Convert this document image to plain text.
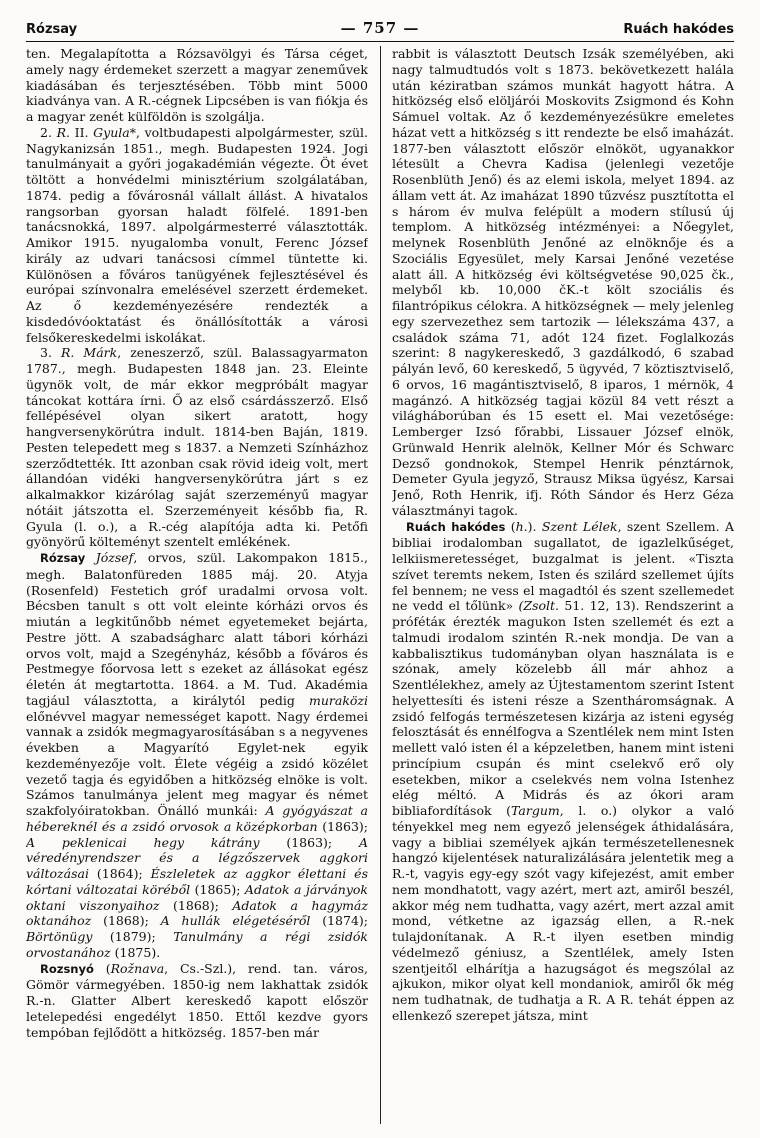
Rózsay	— 757 —	Ruách hakódes

ten. Megalapította a Rózsavölgyi és Társa céget, amely nagy érdemeket szerzett a magyar zeneművek kiadásában és terjesztésében. Több mint 5000 kiadványa van. A R.-cégnek Lipcsében is van fiókja és a magyar zenét külföldön is szolgálja.

2. R. II. Gyula*, voltbudapesti alpolgármester, szül. Nagykanizsán 1851., megh. Budapesten 1924. Jogi tanulmányait a győri jogakadémián végezte. Öt évet töltött a honvédelmi minisztérium szolgálatában, 1874. pedig a fővárosnál vállalt állást. A hivatalos rangsorban gyorsan haladt fölfelé. 1891-ben tanácsnokká, 1897. alpolgármesterré választották. Amikor 1915. nyugalomba vonult, Ferenc József király az udvari tanácsosi címmel tüntette ki. Különösen a főváros tanügyének fejlesztésével és európai színvonalra emelésével szerzett érdemeket. Az ő kezdeményezésére rendezték a kisdedóvóoktatást és önállósították a városi felsőkereskedelmi iskolákat.

3. R. Márk, zeneszerző, szül. Balassagyarmaton 1787., megh. Budapesten 1848 jan. 23. Eleinte ügynök volt, de már ekkor megpróbált magyar táncokat kottára írni. Ő az első csárdásszerző. Első fellépésével olyan sikert aratott, hogy hangversenykörútra indult. 1814-ben Baján, 1819. Pesten telepedett meg s 1837. a Nemzeti Színházhoz szerződtették. Itt azonban csak rövid ideig volt, mert állandóan vidéki hangversenykörútra járt s ez alkalmakkor kizárólag saját szerzeményű magyar nótáit játszotta el. Szerzeményeit később fia, R. Gyula (l. o.), a R.-cég alapítója adta ki. Petőfi gyönyörű költeményt szentelt emlékének.

Rózsay József, orvos, szül. Lakompakon 1815., megh. Balatonfüreden 1885 máj. 20. Atyja (Rosenfeld) Festetich gróf uradalmi orvosa volt. Bécsben tanult s ott volt eleinte kórházi orvos és miután a legkitűnőbb német egyetemeket bejárta, Pestre jött. A szabadságharc alatt tábori kórházi orvos volt, majd a Szegényház, később a főváros és Pestmegye főorvosa lett s ezeket az állásokat egész életén át megtartotta. 1864. a M. Tud. Akadémia tagjául választotta, a királytól pedig muraközi előnévvel magyar nemességet kapott. Nagy érdemei vannak a zsidók megmagyarosításában s a negyvenes években a Magyarító Egylet-nek egyik kezdeményezője volt. Élete végéig a zsidó közélet vezető tagja és egyidőben a hitközség elnöke is volt. Számos tanulmánya jelent meg magyar és német szakfolyóiratokban. Önálló munkái: A gyógyászat a hébereknél és a zsidó orvosok a középkorban (1863); A peklenicai hegy kátrány (1863); A véredényrendszer és a légzőszervek aggkori változásai (1864); Észleletek az aggkor élettani és kórtani változatai köréből (1865); Adatok a járványok oktani viszonyaihoz (1868); Adatok a hagymáz oktanához (1868); A hullák elégetéséről (1874); Börtönügy (1879); Tanulmány a régi zsidók orvostanához (1875).

Rozsnyó (Rožnava, Cs.-Szl.), rend. tan. város, Gömör vármegyében. 1850-ig nem lakhattak zsidók R.-n. Glatter Albert kereskedő kapott először letelepedési engedélyt 1850. Ettől kezdve gyors tempóban fejlődött a hitközség. 1857-ben már

rabbit is választott Deutsch Izsák személyében, aki nagy talmudtudós volt s 1873. bekövetkezett halála után kéziratban számos munkát hagyott hátra. A hitközség első elöljárói Moskovits Zsigmond és Kohn Sámuel voltak. Az ő kezdeményezésükre emeletes házat vett a hitközség s itt rendezte be első imaházát. 1877-ben választott először elnököt, ugyanakkor létesült a Chevra Kadisa (jelenlegi vezetője Rosenblüth Jenő) és az elemi iskola, melyet 1894. az állam vett át. Az imaházat 1890 tűzvész pusztította el s három év mulva felépült a modern stílusú új templom. A hitközség intézményei: a Nőegylet, melynek Rosenblüth Jenőné az elnöknője és a Szociális Egyesület, mely Karsai Jenőné vezetése alatt áll. A hitközség évi költségvetése 90,025 čk., melyből kb. 10,000 čK.-t költ szociális és filantrópikus célokra. A hitközségnek — mely jelenleg egy szervezethez sem tartozik — lélekszáma 437, a családok száma 71, adót 124 fizet. Foglalkozás szerint: 8 nagykereskedő, 3 gazdálkodó, 6 szabad pályán levő, 60 kereskedő, 5 ügyvéd, 7 köztisztviselő, 6 orvos, 16 magántisztviselő, 8 iparos, 1 mérnök, 4 magánzó. A hitközség tagjai közül 84 vett részt a világháborúban és 15 esett el. Mai vezetősége: Lemberger Izsó főrabbi, Lissauer József elnök, Grünwald Henrik alelnök, Kellner Mór és Schwarc Dezső gondnokok, Stempel Henrik pénztárnok, Demeter Gyula jegyző, Strausz Miksa ügyész, Karsai Jenő, Roth Henrik, ifj. Róth Sándor és Herz Géza választmányi tagok.

Ruách hakódes (h.). Szent Lélek, szent Szellem. A bibliai irodalomban sugallatot, de igazlelkűséget, lelkiismeretességet, buzgalmat is jelent. «Tiszta szívet teremts nekem, Isten és szilárd szellemet újíts fel bennem; ne vess el magadtól és szent szellemedet ne vedd el tőlünk» (Zsolt. 51. 12, 13). Rendszerint a prófétáк érezték magukon Isten szellemét és ezt a talmudi irodalom szintén R.-nek mondja. De van a kabbalisztikus tudományban olyan használata is e szónak, amely közelebb áll már ahhoz a Szentlélekhez, amely az Újtestamentom szerint Istent helyettesíti és isteni része a Szentháromságnak. A zsidó felfogás természetesen kizárja az isteni egység felosztását és ennélfogva a Szentlélek nem mint Isten mellett való isten él a képzeletben, hanem mint isteni princípium csupán és mint cselekvő erő oly esetekben, mikor a cselekvés nem volna Istenhez elég méltó. A Midrás és az ókori aram bibliafordítások (Targum, l. o.) olykor a való tényekkel meg nem egyező jelenségek áthidalására, vagy a bibliai személyek ajkán természetellenesnek hangzó kijelentések naturalizálására jelentetik meg a R.-t, vagyis egy-egy szót vagy kifejezést, amit ember nem mondhatott, vagy azért, mert azt, amiről beszél, akkor még nem tudhatta, vagy azért, mert azzal amit mond, vétketne az igazság ellen, a R.-nek tulajdonítanak. A R.-t ilyen esetben mindig védelmező géniusz, a Szentlélek, amely Isten szentjeitől elhárítja a hazugságot és megszólal az ajkukon, mikor olyat kell mondaniok, amiről ők még nem tudhatnak, de tudhatja a R. A R. tehát éppen az ellenkező szerepet játsza, mint
